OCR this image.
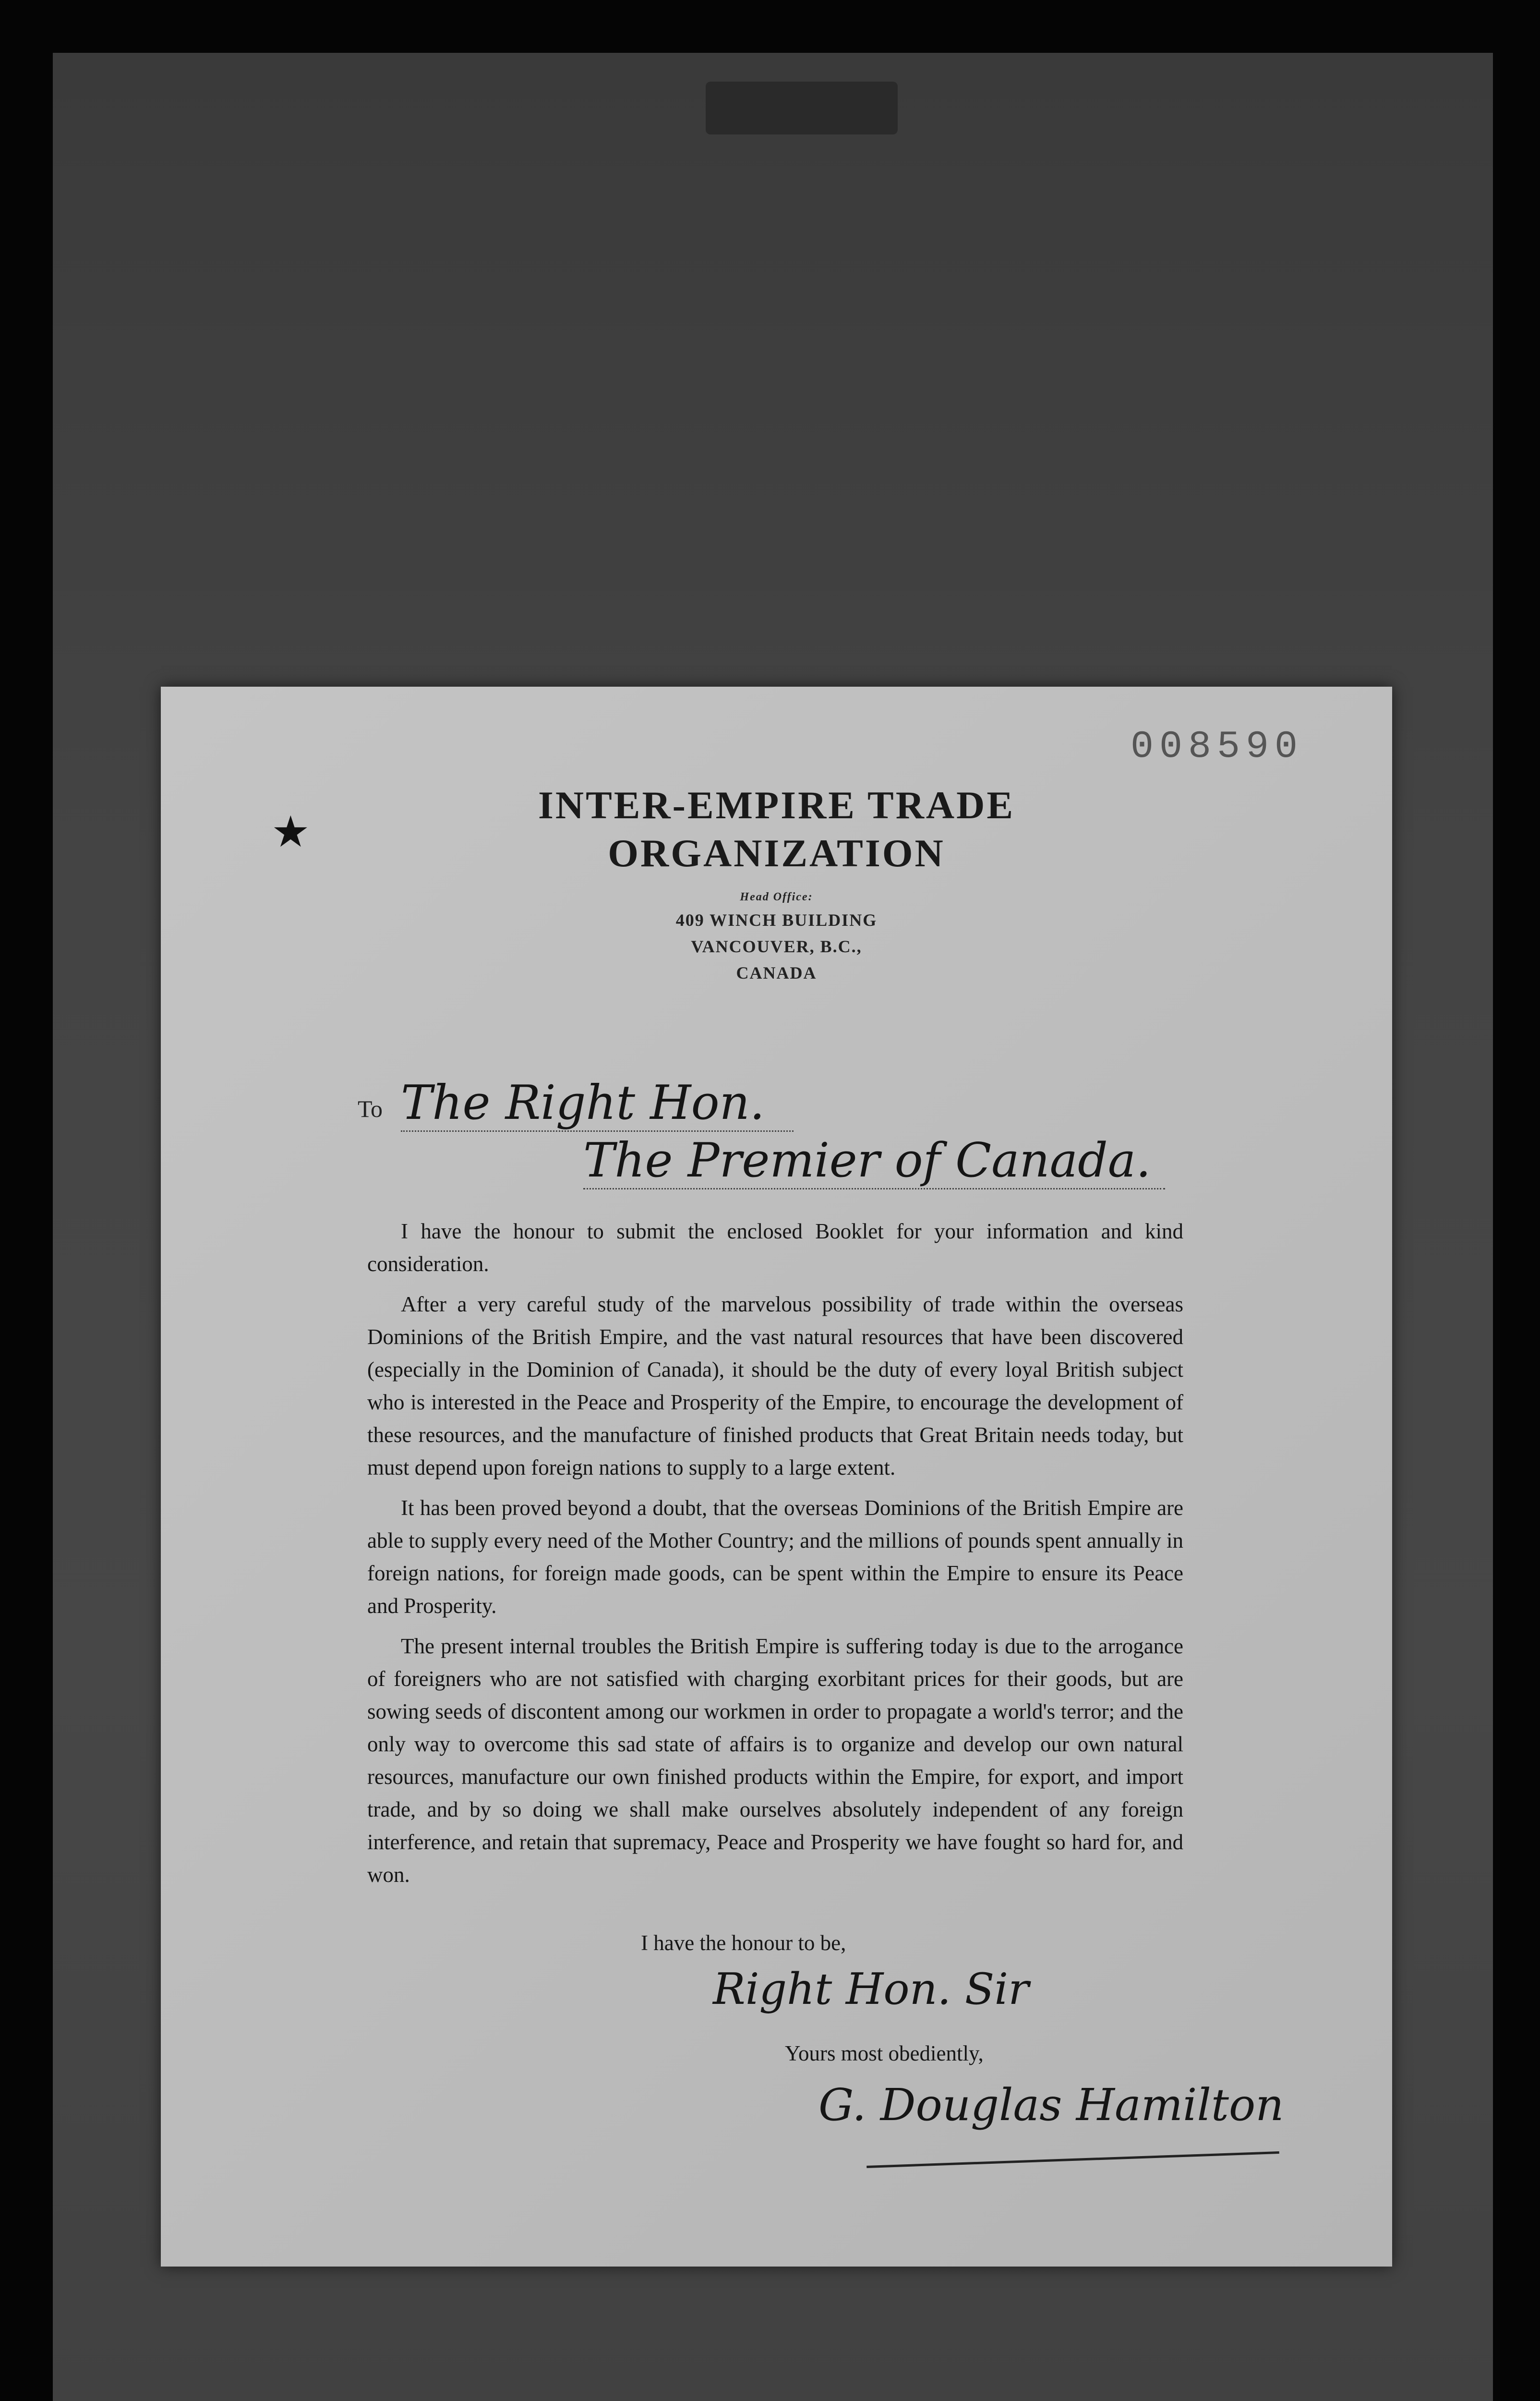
008590
★
INTER-EMPIRE TRADE
ORGANIZATION
Head Office:
409 WINCH BUILDING
VANCOUVER, B.C.,
CANADA
To The Right Hon.
The Premier of Canada.

I have the honour to submit the enclosed Booklet for your information and kind consideration.

After a very careful study of the marvelous possibility of trade within the overseas Dominions of the British Empire, and the vast natural resources that have been discovered (especially in the Dominion of Canada), it should be the duty of every loyal British subject who is interested in the Peace and Prosperity of the Empire, to encourage the development of these resources, and the manufacture of finished products that Great Britain needs today, but must depend upon foreign nations to supply to a large extent.

It has been proved beyond a doubt, that the overseas Dominions of the British Empire are able to supply every need of the Mother Country; and the millions of pounds spent annually in foreign nations, for foreign made goods, can be spent within the Empire to ensure its Peace and Prosperity.

The present internal troubles the British Empire is suffering today is due to the arrogance of foreigners who are not satisfied with charging exorbitant prices for their goods, but are sowing seeds of discontent among our workmen in order to propagate a world's terror; and the only way to overcome this sad state of affairs is to organize and develop our own natural resources, manufacture our own finished products within the Empire, for export, and import trade, and by so doing we shall make ourselves absolutely independent of any foreign interference, and retain that supremacy, Peace and Prosperity we have fought so hard for, and won.

I have the honour to be,
Right Hon. Sir
Yours most obediently,
G. Douglas Hamilton
